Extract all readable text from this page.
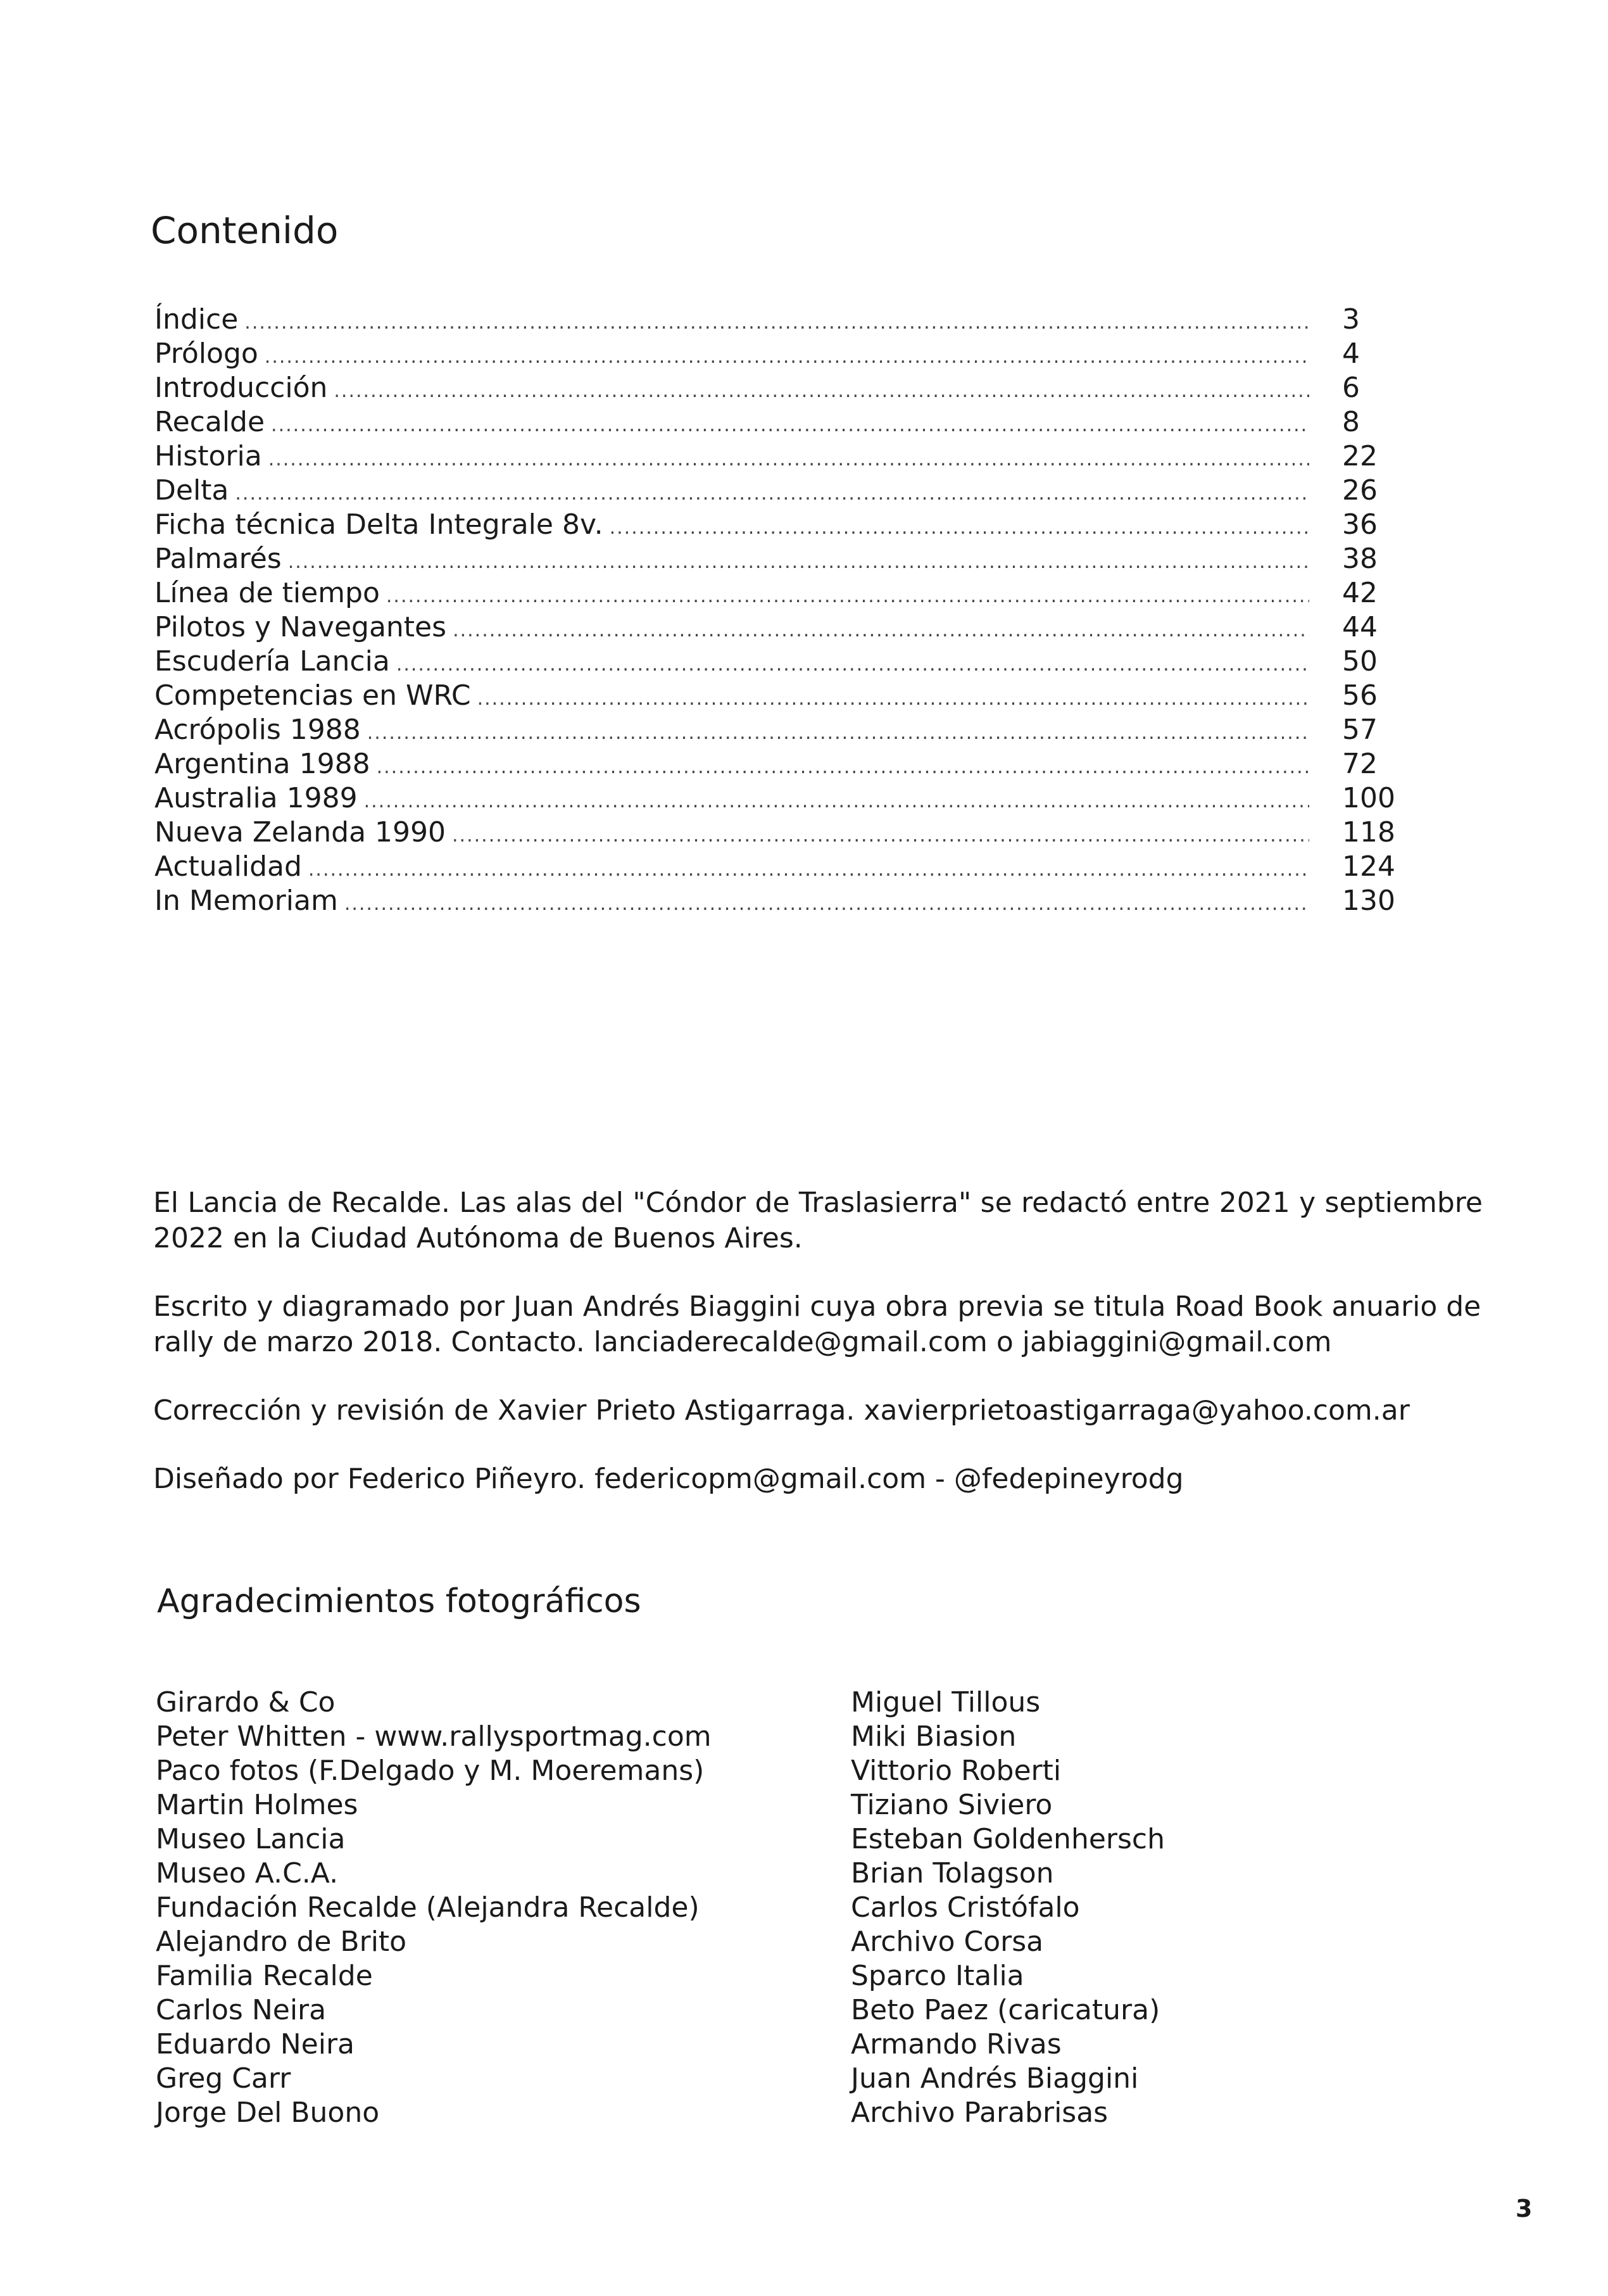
Contenido
Índice .....	3
Prólogo .....	4
Introducción .....	6
Recalde .....	8
Historia .....	22
Delta .....	26
Ficha técnica Delta Integrale 8v. .....	36
Palmarés .....	38
Línea de tiempo .....	42
Pilotos y Navegantes .....	44
Escudería Lancia .....	50
Competencias en WRC .....	56
Acrópolis 1988 .....	57
Argentina 1988 .....	72
Australia 1989 .....	100
Nueva Zelanda 1990 .....	118
Actualidad .....	124
In Memoriam .....	130

El Lancia de Recalde. Las alas del "Cóndor de Traslasierra" se redactó entre 2021 y septiembre 2022 en la Ciudad Autónoma de Buenos Aires.

Escrito y diagramado por Juan Andrés Biaggini cuya obra previa se titula Road Book anuario de rally de marzo 2018. Contacto. lanciaderecalde@gmail.com o jabiaggini@gmail.com

Corrección y revisión de Xavier Prieto Astigarraga. xavierprietoastigarraga@yahoo.com.ar

Diseñado por Federico Piñeyro. federicopm@gmail.com - @fedepineyrodg

Agradecimientos fotográficos
Girardo & Co
Peter Whitten - www.rallysportmag.com
Paco fotos (F.Delgado y M. Moeremans)
Martin Holmes
Museo Lancia
Museo A.C.A.
Fundación Recalde (Alejandra Recalde)
Alejandro de Brito
Familia Recalde
Carlos Neira
Eduardo Neira
Greg Carr
Jorge Del Buono
Miguel Tillous
Miki Biasion
Vittorio Roberti
Tiziano Siviero
Esteban Goldenhersch
Brian Tolagson
Carlos Cristófalo
Archivo Corsa
Sparco Italia
Beto Paez (caricatura)
Armando Rivas
Juan Andrés Biaggini
Archivo Parabrisas
3
